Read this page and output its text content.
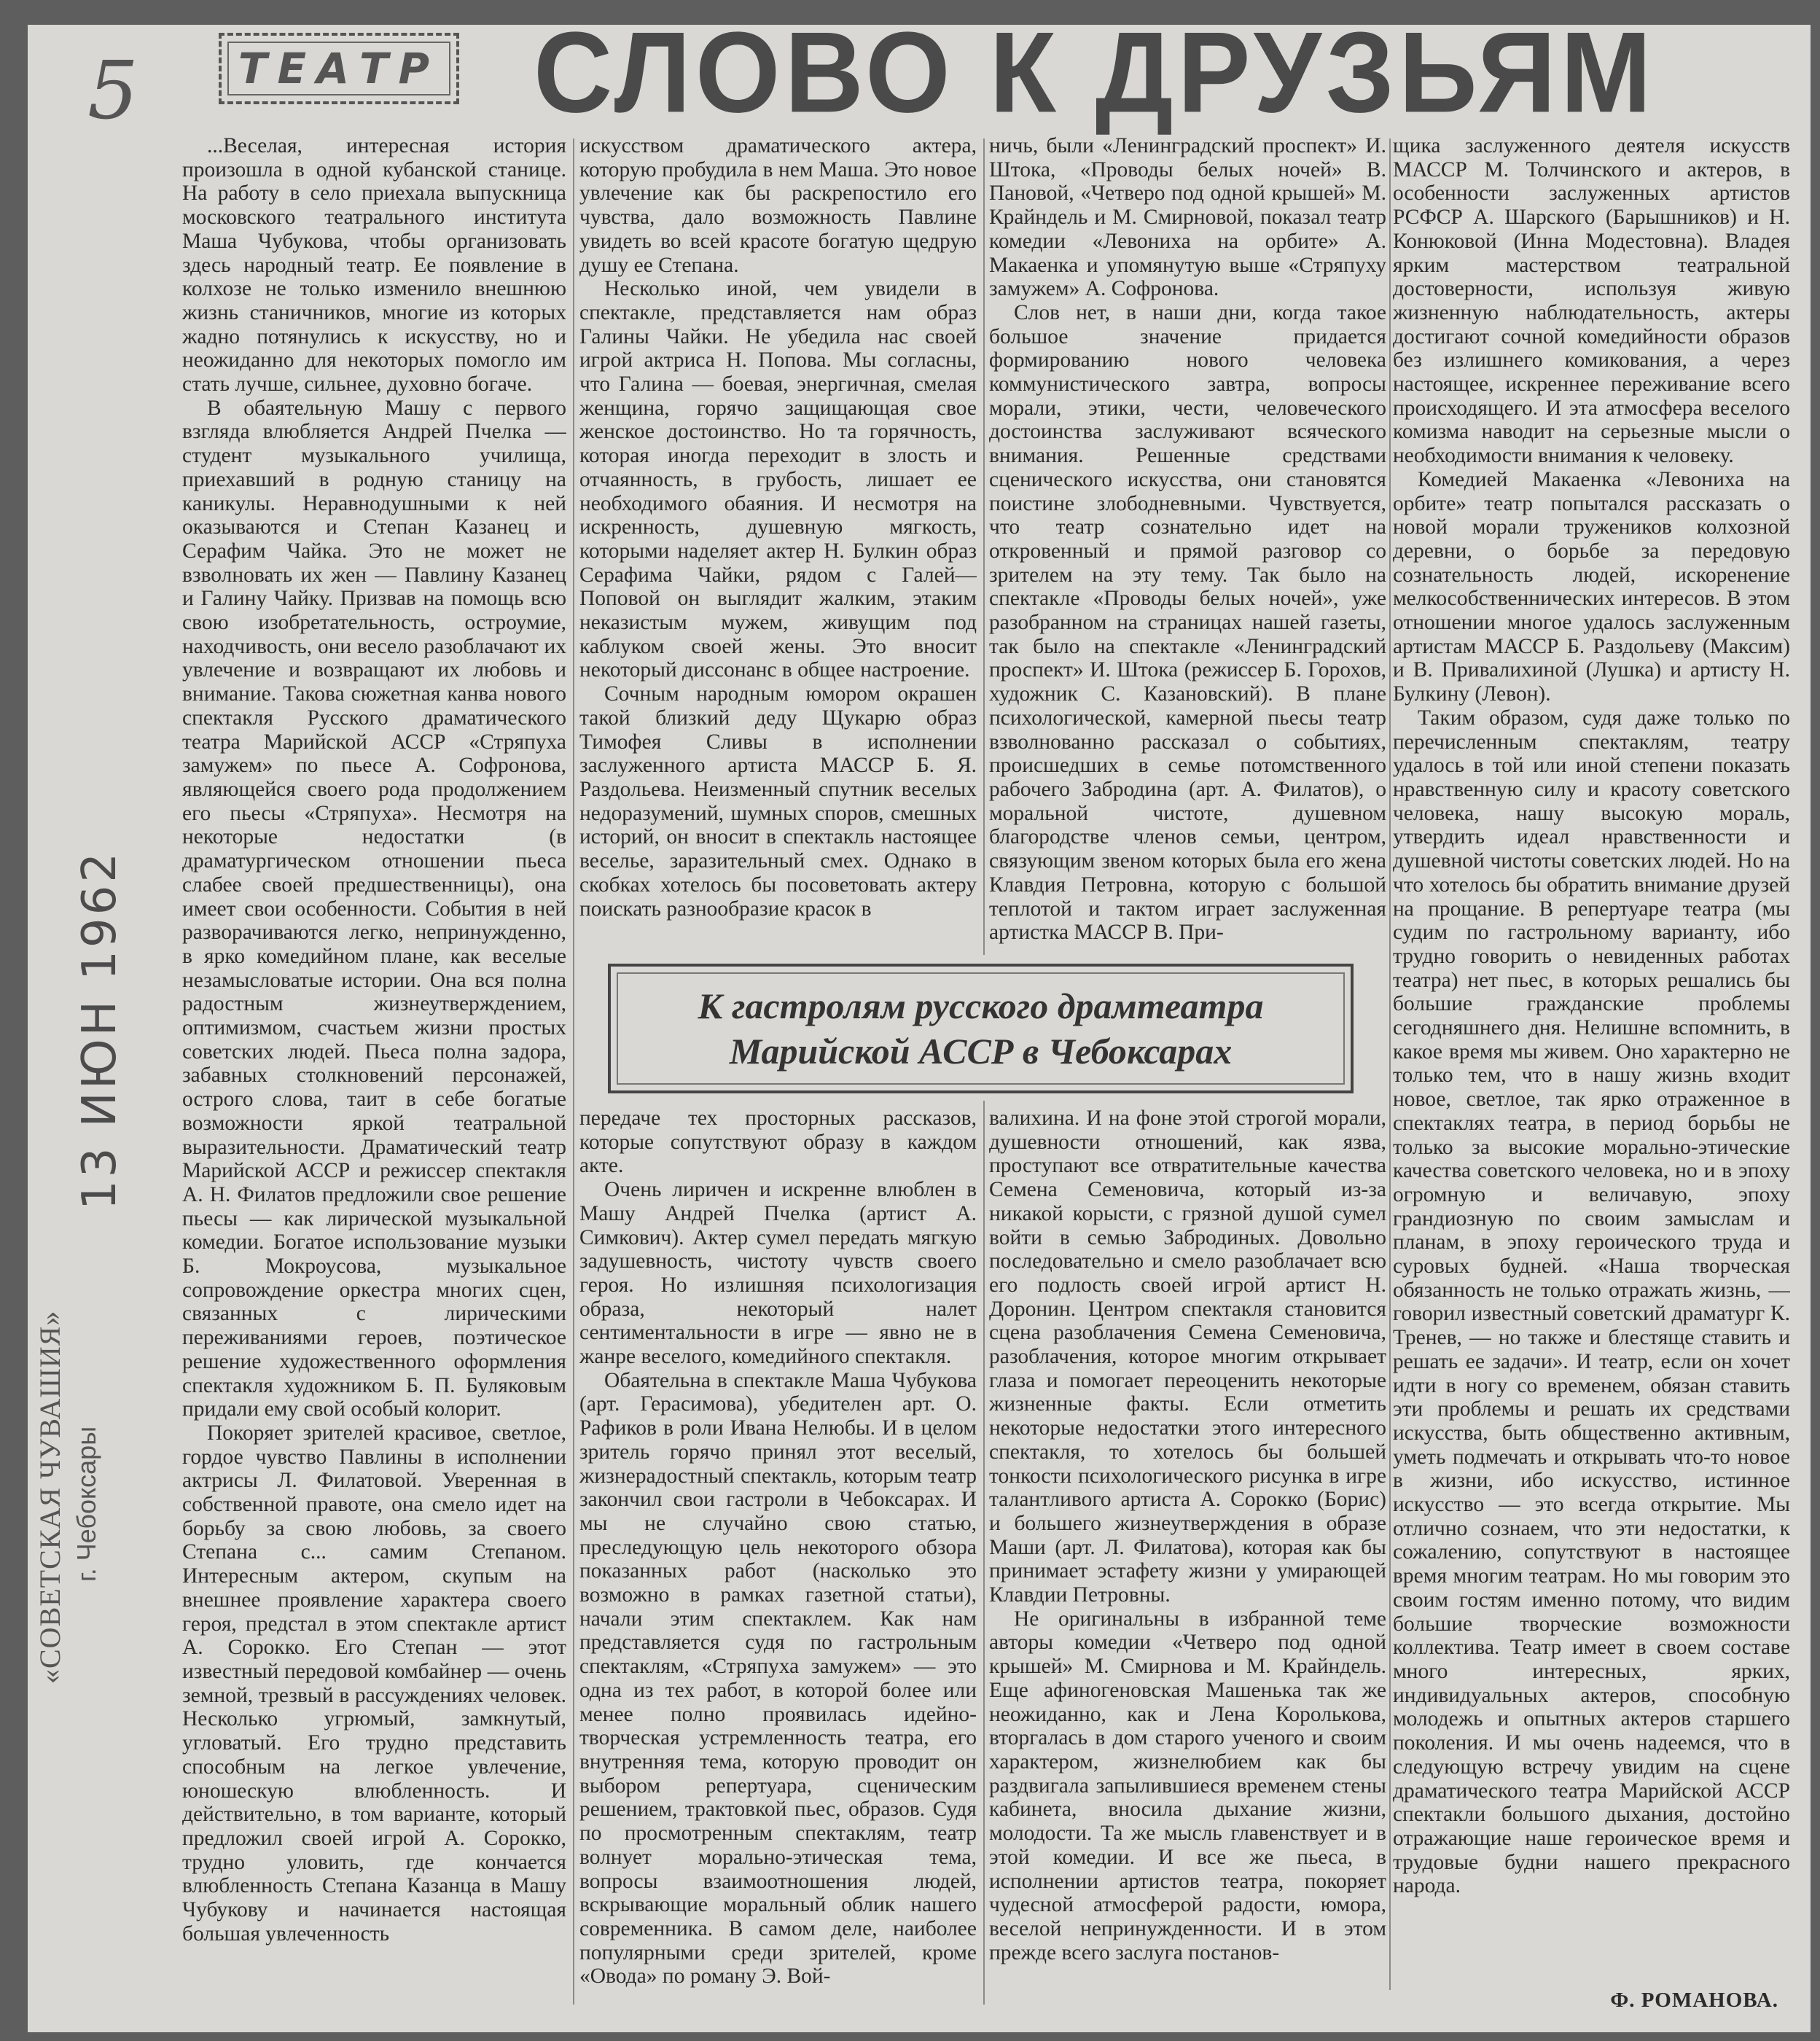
5 ТЕАТР СЛОВО К ДРУЗЬЯМ
13 ИЮН 1962
«СОВЕТСКАЯ ЧУВАШИЯ» г. Чебоксары

...Веселая, интересная история произошла в одной кубанской станице. На работу в село приехала выпускница московского театрального института Маша Чубукова, чтобы организовать здесь народный театр. Ее появление в колхозе не только изменило внешнюю жизнь станичников, многие из которых жадно потянулись к искусству, но и неожиданно для некоторых помогло им стать лучше, сильнее, духовно богаче.

В обаятельную Машу с первого взгляда влюбляется Андрей Пчелка — студент музыкального училища, приехавший в родную станицу на каникулы. Неравнодушными к ней оказываются и Степан Казанец и Серафим Чайка. Это не может не взволновать их жен — Павлину Казанец и Галину Чайку. Призвав на помощь всю свою изобретательность, остроумие, находчивость, они весело разоблачают их увлечение и возвращают их любовь и внимание. Такова сюжетная канва нового спектакля Русского драматического театра Марийской АССР «Стряпуха замужем» по пьесе А. Софронова, являющейся своего рода продолжением его пьесы «Стряпуха». Несмотря на некоторые недостатки (в драматургическом отношении пьеса слабее своей предшественницы), она имеет свои особенности. События в ней разворачиваются легко, непринужденно, в ярко комедийном плане, как веселые незамысловатые истории. Она вся полна радостным жизнеутверждением, оптимизмом, счастьем жизни простых советских людей. Пьеса полна задора, забавных столкновений персонажей, острого слова, таит в себе богатые возможности яркой театральной выразительности. Драматический театр Марийской АССР и режиссер спектакля А. Н. Филатов предложили свое решение пьесы — как лирической музыкальной комедии. Богатое использование музыки Б. Мокроусова, музыкальное сопровождение оркестра многих сцен, связанных с лирическими переживаниями героев, поэтическое решение художественного оформления спектакля художником Б. П. Буляковым придали ему свой особый колорит.

Покоряет зрителей красивое, светлое, гордое чувство Павлины в исполнении актрисы Л. Филатовой. Уверенная в собственной правоте, она смело идет на борьбу за свою любовь, за своего Степана с... самим Степаном. Интересным актером, скупым на внешнее проявление характера своего героя, предстал в этом спектакле артист А. Сорокко. Его Степан — этот известный передовой комбайнер — очень земной, трезвый в рассуждениях человек. Несколько угрюмый, замкнутый, угловатый. Его трудно представить способным на легкое увлечение, юношескую влюбленность. И действительно, в том варианте, который предложил своей игрой А. Сорокко, трудно уловить, где кончается влюбленность Степана Казанца в Машу Чубукову и начинается настоящая большая увлеченность

искусством драматического актера, которую пробудила в нем Маша. Это новое увлечение как бы раскрепостило его чувства, дало возможность Павлине увидеть во всей красоте богатую щедрую душу ее Степана.

Несколько иной, чем увидели в спектакле, представляется нам образ Галины Чайки. Не убедила нас своей игрой актриса Н. Попова. Мы согласны, что Галина — боевая, энергичная, смелая женщина, горячо защищающая свое женское достоинство. Но та горячность, которая иногда переходит в злость и отчаянность, в грубость, лишает ее необходимого обаяния. И несмотря на искренность, душевную мягкость, которыми наделяет актер Н. Булкин образ Серафима Чайки, рядом с Галей—Поповой он выглядит жалким, этаким неказистым мужем, живущим под каблуком своей жены. Это вносит некоторый диссонанс в общее настроение.

Сочным народным юмором окрашен такой близкий деду Щукарю образ Тимофея Сливы в исполнении заслуженного артиста МАССР Б. Я. Раздольева. Неизменный спутник веселых недоразумений, шумных споров, смешных историй, он вносит в спектакль настоящее веселье, заразительный смех. Однако в скобках хотелось бы посоветовать актеру поискать разнообразие красок в

ничь, были «Ленинградский проспект» И. Штока, «Проводы белых ночей» В. Пановой, «Четверо под одной крышей» М. Крайндель и М. Смирновой, показал театр комедии «Левониха на орбите» А. Макаенка и упомянутую выше «Стряпуху замужем» А. Софронова.

Слов нет, в наши дни, когда такое большое значение придается формированию нового человека коммунистического завтра, вопросы морали, этики, чести, человеческого достоинства заслуживают всяческого внимания. Решенные средствами сценического искусства, они становятся поистине злободневными. Чувствуется, что театр сознательно идет на откровенный и прямой разговор со зрителем на эту тему. Так было на спектакле «Проводы белых ночей», уже разобранном на страницах нашей газеты, так было на спектакле «Ленинградский проспект» И. Штока (режиссер Б. Горохов, художник С. Казановский). В плане психологической, камерной пьесы театр взволнованно рассказал о событиях, происшедших в семье потомственного рабочего Забродина (арт. А. Филатов), о моральной чистоте, душевном благородстве членов семьи, центром, связующим звеном которых была его жена Клавдия Петровна, которую с большой теплотой и тактом играет заслуженная артистка МАССР В. При-

К гастролям русского драмтеатра
Марийской АССР в Чебоксарах

передаче тех просторных рассказов, которые сопутствуют образу в каждом акте.

Очень лиричен и искренне влюблен в Машу Андрей Пчелка (артист А. Симкович). Актер сумел передать мягкую задушевность, чистоту чувств своего героя. Но излишняя психологизация образа, некоторый налет сентиментальности в игре — явно не в жанре веселого, комедийного спектакля.

Обаятельна в спектакле Маша Чубукова (арт. Герасимова), убедителен арт. О. Рафиков в роли Ивана Нелюбы. И в целом зритель горячо принял этот веселый, жизнерадостный спектакль, которым театр закончил свои гастроли в Чебоксарах. И мы не случайно свою статью, преследующую цель некоторого обзора показанных работ (насколько это возможно в рамках газетной статьи), начали этим спектаклем. Как нам представляется судя по гастрольным спектаклям, «Стряпуха замужем» — это одна из тех работ, в которой более или менее полно проявилась идейно-творческая устремленность театра, его внутренняя тема, которую проводит он выбором репертуара, сценическим решением, трактовкой пьес, образов. Судя по просмотренным спектаклям, театр волнует морально-этическая тема, вопросы взаимоотношения людей, вскрывающие моральный облик нашего современника. В самом деле, наиболее популярными среди зрителей, кроме «Овода» по роману Э. Вой-

валихина. И на фоне этой строгой морали, душевности отношений, как язва, проступают все отвратительные качества Семена Семеновича, который из-за никакой корысти, с грязной душой сумел войти в семью Забродиных. Довольно последовательно и смело разоблачает всю его подлость своей игрой артист Н. Доронин. Центром спектакля становится сцена разоблачения Семена Семеновича, разоблачения, которое многим открывает глаза и помогает переоценить некоторые жизненные факты. Если отметить некоторые недостатки этого интересного спектакля, то хотелось бы большей тонкости психологического рисунка в игре талантливого артиста А. Сорокко (Борис) и большего жизнеутверждения в образе Маши (арт. Л. Филатова), которая как бы принимает эстафету жизни у умирающей Клавдии Петровны.

Не оригинальны в избранной теме авторы комедии «Четверо под одной крышей» М. Смирнова и М. Крайндель. Еще афиногеновская Машенька так же неожиданно, как и Лена Королькова, вторгалась в дом старого ученого и своим характером, жизнелюбием как бы раздвигала запылившиеся временем стены кабинета, вносила дыхание жизни, молодости. Та же мысль главенствует и в этой комедии. И все же пьеса, в исполнении артистов театра, покоряет чудесной атмосферой радости, юмора, веселой непринужденности. И в этом прежде всего заслуга постанов-

щика заслуженного деятеля искусств МАССР М. Толчинского и актеров, в особенности заслуженных артистов РСФСР А. Шарского (Барышников) и Н. Конюковой (Инна Модестовна). Владея ярким мастерством театральной достоверности, используя живую жизненную наблюдательность, актеры достигают сочной комедийности образов без излишнего комикования, а через настоящее, искреннее переживание всего происходящего. И эта атмосфера веселого комизма наводит на серьезные мысли о необходимости внимания к человеку.

Комедией Макаенка «Левониха на орбите» театр попытался рассказать о новой морали тружеников колхозной деревни, о борьбе за передовую сознательность людей, искоренение мелкособственнических интересов. В этом отношении многое удалось заслуженным артистам МАССР Б. Раздольеву (Максим) и В. Привалихиной (Лушка) и артисту Н. Булкину (Левон).

Таким образом, судя даже только по перечисленным спектаклям, театру удалось в той или иной степени показать нравственную силу и красоту советского человека, нашу высокую мораль, утвердить идеал нравственности и душевной чистоты советских людей. Но на что хотелось бы обратить внимание друзей на прощание. В репертуаре театра (мы судим по гастрольному варианту, ибо трудно говорить о невиденных работах театра) нет пьес, в которых решались бы большие гражданские проблемы сегодняшнего дня. Нелишне вспомнить, в какое время мы живем. Оно характерно не только тем, что в нашу жизнь входит новое, светлое, так ярко отраженное в спектаклях театра, в период борьбы не только за высокие морально-этические качества советского человека, но и в эпоху огромную и величавую, эпоху грандиозную по своим замыслам и планам, в эпоху героического труда и суровых будней. «Наша творческая обязанность не только отражать жизнь, — говорил известный советский драматург К. Тренев, — но также и блестяще ставить и решать ее задачи». И театр, если он хочет идти в ногу со временем, обязан ставить эти проблемы и решать их средствами искусства, быть общественно активным, уметь подмечать и открывать что-то новое в жизни, ибо искусство, истинное искусство — это всегда открытие. Мы отлично сознаем, что эти недостатки, к сожалению, сопутствуют в настоящее время многим театрам. Но мы говорим это своим гостям именно потому, что видим большие творческие возможности коллектива. Театр имеет в своем составе много интересных, ярких, индивидуальных актеров, способную молодежь и опытных актеров старшего поколения. И мы очень надеемся, что в следующую встречу увидим на сцене драматического театра Марийской АССР спектакли большого дыхания, достойно отражающие наше героическое время и трудовые будни нашего прекрасного народа.

Ф. РОМАНОВА.
